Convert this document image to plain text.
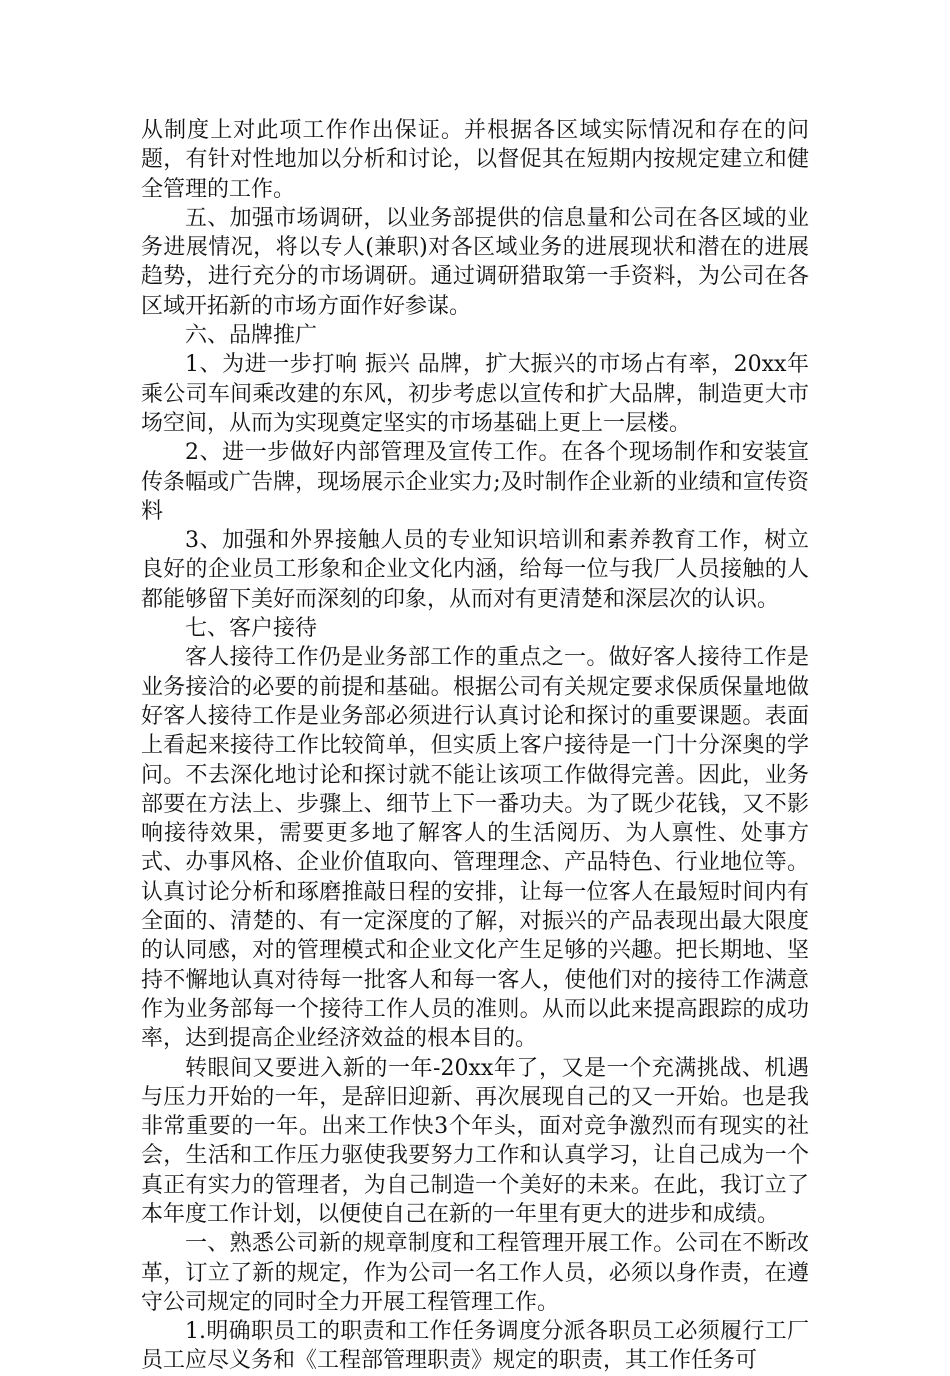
从制度上对此项工作作出保证。并根据各区域实际情况和存在的问题，有针对性地加以分析和讨论，以督促其在短期内按规定建立和健全管理的工作。

五、加强市场调研，以业务部提供的信息量和公司在各区域的业务进展情况，将以专人(兼职)对各区域业务的进展现状和潜在的进展趋势，进行充分的市场调研。通过调研猎取第一手资料，为公司在各区域开拓新的市场方面作好参谋。

六、品牌推广

1、为进一步打响 振兴 品牌，扩大振兴的市场占有率，20xx年乘公司车间乘改建的东风，初步考虑以宣传和扩大品牌，制造更大市场空间，从而为实现奠定坚实的市场基础上更上一层楼。

2、进一步做好内部管理及宣传工作。在各个现场制作和安装宣传条幅或广告牌，现场展示企业实力;及时制作企业新的业绩和宣传资料

3、加强和外界接触人员的专业知识培训和素养教育工作，树立良好的企业员工形象和企业文化内涵，给每一位与我厂人员接触的人都能够留下美好而深刻的印象，从而对有更清楚和深层次的认识。

七、客户接待

客人接待工作仍是业务部工作的重点之一。做好客人接待工作是业务接洽的必要的前提和基础。根据公司有关规定要求保质保量地做好客人接待工作是业务部必须进行认真讨论和探讨的重要课题。表面上看起来接待工作比较简单，但实质上客户接待是一门十分深奥的学问。不去深化地讨论和探讨就不能让该项工作做得完善。因此，业务部要在方法上、步骤上、细节上下一番功夫。为了既少花钱，又不影响接待效果，需要更多地了解客人的生活阅历、为人禀性、处事方式、办事风格、企业价值取向、管理理念、产品特色、行业地位等。认真讨论分析和琢磨推敲日程的安排，让每一位客人在最短时间内有全面的、清楚的、有一定深度的了解，对振兴的产品表现出最大限度的认同感，对的管理模式和企业文化产生足够的兴趣。把长期地、坚持不懈地认真对待每一批客人和每一客人，使他们对的接待工作满意作为业务部每一个接待工作人员的准则。从而以此来提高跟踪的成功率，达到提高企业经济效益的根本目的。

转眼间又要进入新的一年-20xx年了，又是一个充满挑战、机遇与压力开始的一年，是辞旧迎新、再次展现自己的又一开始。也是我非常重要的一年。出来工作快3个年头，面对竞争激烈而有现实的社会，生活和工作压力驱使我要努力工作和认真学习，让自己成为一个真正有实力的管理者，为自己制造一个美好的未来。在此，我订立了本年度工作计划，以便使自己在新的一年里有更大的进步和成绩。

一、熟悉公司新的规章制度和工程管理开展工作。公司在不断改革，订立了新的规定，作为公司一名工作人员，必须以身作责，在遵守公司规定的同时全力开展工程管理工作。

1.明确职员工的职责和工作任务调度分派各职员工必须履行工厂员工应尽义务和《工程部管理职责》规定的职责，其工作任务可
